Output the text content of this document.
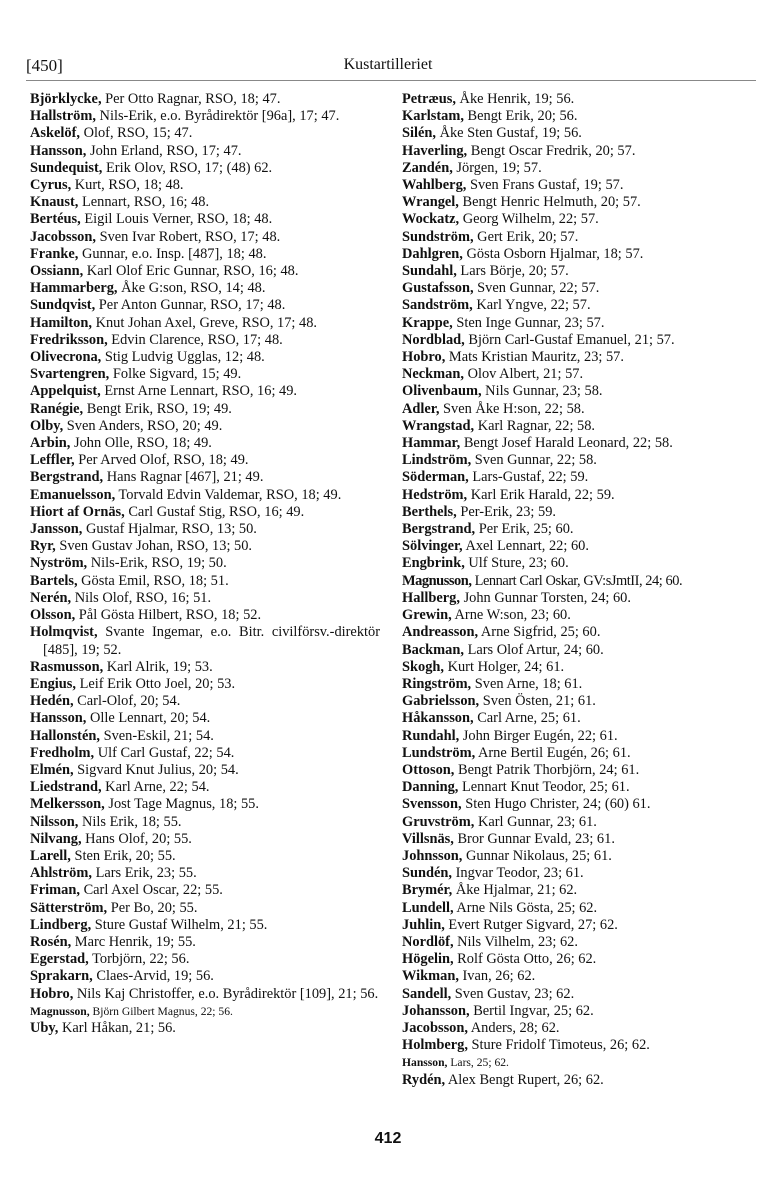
[450]	Kustartilleriet
Björklycke, Per Otto Ragnar, RSO, 18; 47.
Hallström, Nils-Erik, e.o. Byrådirektör [96a], 17; 47.
Askelöf, Olof, RSO, 15; 47.
Hansson, John Erland, RSO, 17; 47.
Sundequist, Erik Olov, RSO, 17; (48) 62.
Cyrus, Kurt, RSO, 18; 48.
Knaust, Lennart, RSO, 16; 48.
Bertéus, Eigil Louis Verner, RSO, 18; 48.
Jacobsson, Sven Ivar Robert, RSO, 17; 48.
Franke, Gunnar, e.o. Insp. [487], 18; 48.
Ossiann, Karl Olof Eric Gunnar, RSO, 16; 48.
Hammarberg, Åke G:son, RSO, 14; 48.
Sundqvist, Per Anton Gunnar, RSO, 17; 48.
Hamilton, Knut Johan Axel, Greve, RSO, 17; 48.
Fredriksson, Edvin Clarence, RSO, 17; 48.
Olivecrona, Stig Ludvig Ugglas, 12; 48.
Svartengren, Folke Sigvard, 15; 49.
Appelquist, Ernst Arne Lennart, RSO, 16; 49.
Ranégie, Bengt Erik, RSO, 19; 49.
Olby, Sven Anders, RSO, 20; 49.
Arbin, John Olle, RSO, 18; 49.
Leffler, Per Arved Olof, RSO, 18; 49.
Bergstrand, Hans Ragnar [467], 21; 49.
Emanuelsson, Torvald Edvin Valdemar, RSO, 18; 49.
Hiort af Ornäs, Carl Gustaf Stig, RSO, 16; 49.
Jansson, Gustaf Hjalmar, RSO, 13; 50.
Ryr, Sven Gustav Johan, RSO, 13; 50.
Nyström, Nils-Erik, RSO, 19; 50.
Bartels, Gösta Emil, RSO, 18; 51.
Nerén, Nils Olof, RSO, 16; 51.
Olsson, Pål Gösta Hilbert, RSO, 18; 52.
Holmqvist, Svante Ingemar, e.o. Bitr. civilförsv.-direktör [485], 19; 52.
Rasmusson, Karl Alrik, 19; 53.
Engius, Leif Erik Otto Joel, 20; 53.
Hedén, Carl-Olof, 20; 54.
Hansson, Olle Lennart, 20; 54.
Hallonstén, Sven-Eskil, 21; 54.
Fredholm, Ulf Carl Gustaf, 22; 54.
Elmén, Sigvard Knut Julius, 20; 54.
Liedstrand, Karl Arne, 22; 54.
Melkersson, Jost Tage Magnus, 18; 55.
Nilsson, Nils Erik, 18; 55.
Nilvang, Hans Olof, 20; 55.
Larell, Sten Erik, 20; 55.
Ahlström, Lars Erik, 23; 55.
Friman, Carl Axel Oscar, 22; 55.
Sätterström, Per Bo, 20; 55.
Lindberg, Sture Gustaf Wilhelm, 21; 55.
Rosén, Marc Henrik, 19; 55.
Egerstad, Torbjörn, 22; 56.
Sprakarn, Claes-Arvid, 19; 56.
Hobro, Nils Kaj Christoffer, e.o. Byrådirektör [109], 21; 56.
Magnusson, Björn Gilbert Magnus, 22; 56.
Uby, Karl Håkan, 21; 56.
Petræus, Åke Henrik, 19; 56.
Karlstam, Bengt Erik, 20; 56.
Silén, Åke Sten Gustaf, 19; 56.
Haverling, Bengt Oscar Fredrik, 20; 57.
Zandén, Jörgen, 19; 57.
Wahlberg, Sven Frans Gustaf, 19; 57.
Wrangel, Bengt Henric Helmuth, 20; 57.
Wockatz, Georg Wilhelm, 22; 57.
Sundström, Gert Erik, 20; 57.
Dahlgren, Gösta Osborn Hjalmar, 18; 57.
Sundahl, Lars Börje, 20; 57.
Gustafsson, Sven Gunnar, 22; 57.
Sandström, Karl Yngve, 22; 57.
Krappe, Sten Inge Gunnar, 23; 57.
Nordblad, Björn Carl-Gustaf Emanuel, 21; 57.
Hobro, Mats Kristian Mauritz, 23; 57.
Neckman, Olov Albert, 21; 57.
Olivenbaum, Nils Gunnar, 23; 58.
Adler, Sven Åke H:son, 22; 58.
Wrangstad, Karl Ragnar, 22; 58.
Hammar, Bengt Josef Harald Leonard, 22; 58.
Lindström, Sven Gunnar, 22; 58.
Söderman, Lars-Gustaf, 22; 59.
Hedström, Karl Erik Harald, 22; 59.
Berthels, Per-Erik, 23; 59.
Bergstrand, Per Erik, 25; 60.
Sölvinger, Axel Lennart, 22; 60.
Engbrink, Ulf Sture, 23; 60.
Magnusson, Lennart Carl Oskar, GV:sJmtII, 24; 60.
Hallberg, John Gunnar Torsten, 24; 60.
Grewin, Arne W:son, 23; 60.
Andreasson, Arne Sigfrid, 25; 60.
Backman, Lars Olof Artur, 24; 60.
Skogh, Kurt Holger, 24; 61.
Ringström, Sven Arne, 18; 61.
Gabrielsson, Sven Östen, 21; 61.
Håkansson, Carl Arne, 25; 61.
Rundahl, John Birger Eugén, 22; 61.
Lundström, Arne Bertil Eugén, 26; 61.
Ottoson, Bengt Patrik Thorbjörn, 24; 61.
Danning, Lennart Knut Teodor, 25; 61.
Svensson, Sten Hugo Christer, 24; (60) 61.
Gruvström, Karl Gunnar, 23; 61.
Villsnäs, Bror Gunnar Evald, 23; 61.
Johnsson, Gunnar Nikolaus, 25; 61.
Sundén, Ingvar Teodor, 23; 61.
Brymér, Åke Hjalmar, 21; 62.
Lundell, Arne Nils Gösta, 25; 62.
Juhlin, Evert Rutger Sigvard, 27; 62.
Nordlöf, Nils Vilhelm, 23; 62.
Högelin, Rolf Gösta Otto, 26; 62.
Wikman, Ivan, 26; 62.
Sandell, Sven Gustav, 23; 62.
Johansson, Bertil Ingvar, 25; 62.
Jacobsson, Anders, 28; 62.
Holmberg, Sture Fridolf Timoteus, 26; 62.
Hansson, Lars, 25; 62.
Rydén, Alex Bengt Rupert, 26; 62.
412
